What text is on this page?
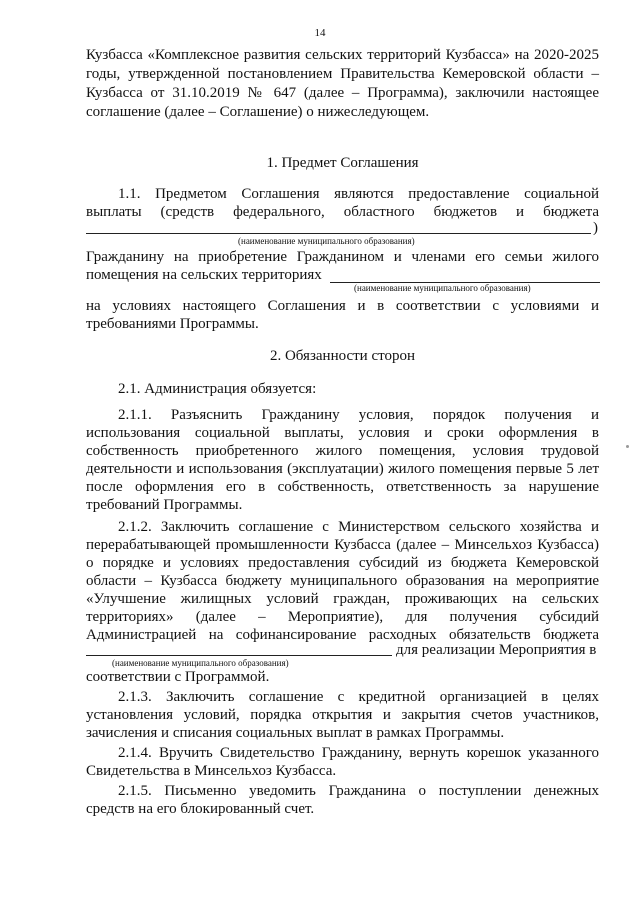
14
Кузбасса «Комплексное развития сельских территорий Кузбасса» на 2020-2025
годы, утвержденной постановлением Правительства Кемеровской области –
Кузбасса от 31.10.2019 № 647 (далее – Программа), заключили настоящее
соглашение (далее – Соглашение) о нижеследующем.
1. Предмет Соглашения
1.1. Предметом Соглашения являются предоставление социальной
выплаты (средств федерального, областного бюджетов и бюджета
)
(наименование муниципального образования)
Гражданину на приобретение Гражданином и членами его семьи жилого
помещения на сельских территориях
(наименование муниципального образования)
на условиях настоящего Соглашения и в соответствии с условиями и
требованиями Программы.
2. Обязанности сторон
2.1. Администрация обязуется:
2.1.1. Разъяснить Гражданину условия, порядок получения и
использования социальной выплаты, условия и сроки оформления в
собственность приобретенного жилого помещения, условия трудовой
деятельности и использования (эксплуатации) жилого помещения первые 5 лет
после оформления его в собственность, ответственность за нарушение
требований Программы.
2.1.2. Заключить соглашение с Министерством сельского хозяйства и
перерабатывающей промышленности Кузбасса (далее – Минсельхоз Кузбасса)
о порядке и условиях предоставления субсидий из бюджета Кемеровской
области – Кузбасса бюджету муниципального образования на мероприятие
«Улучшение жилищных условий граждан, проживающих на сельских
территориях» (далее – Мероприятие), для получения субсидий
Администрацией на софинансирование расходных обязательств бюджета
для реализации Мероприятия в
(наименование муниципального образования)
соответствии с Программой.
2.1.3. Заключить соглашение с кредитной организацией в целях
установления условий, порядка открытия и закрытия счетов участников,
зачисления и списания социальных выплат в рамках Программы.
2.1.4. Вручить Свидетельство Гражданину, вернуть корешок указанного
Свидетельства в Минсельхоз Кузбасса.
2.1.5. Письменно уведомить Гражданина о поступлении денежных
средств на его блокированный счет.
